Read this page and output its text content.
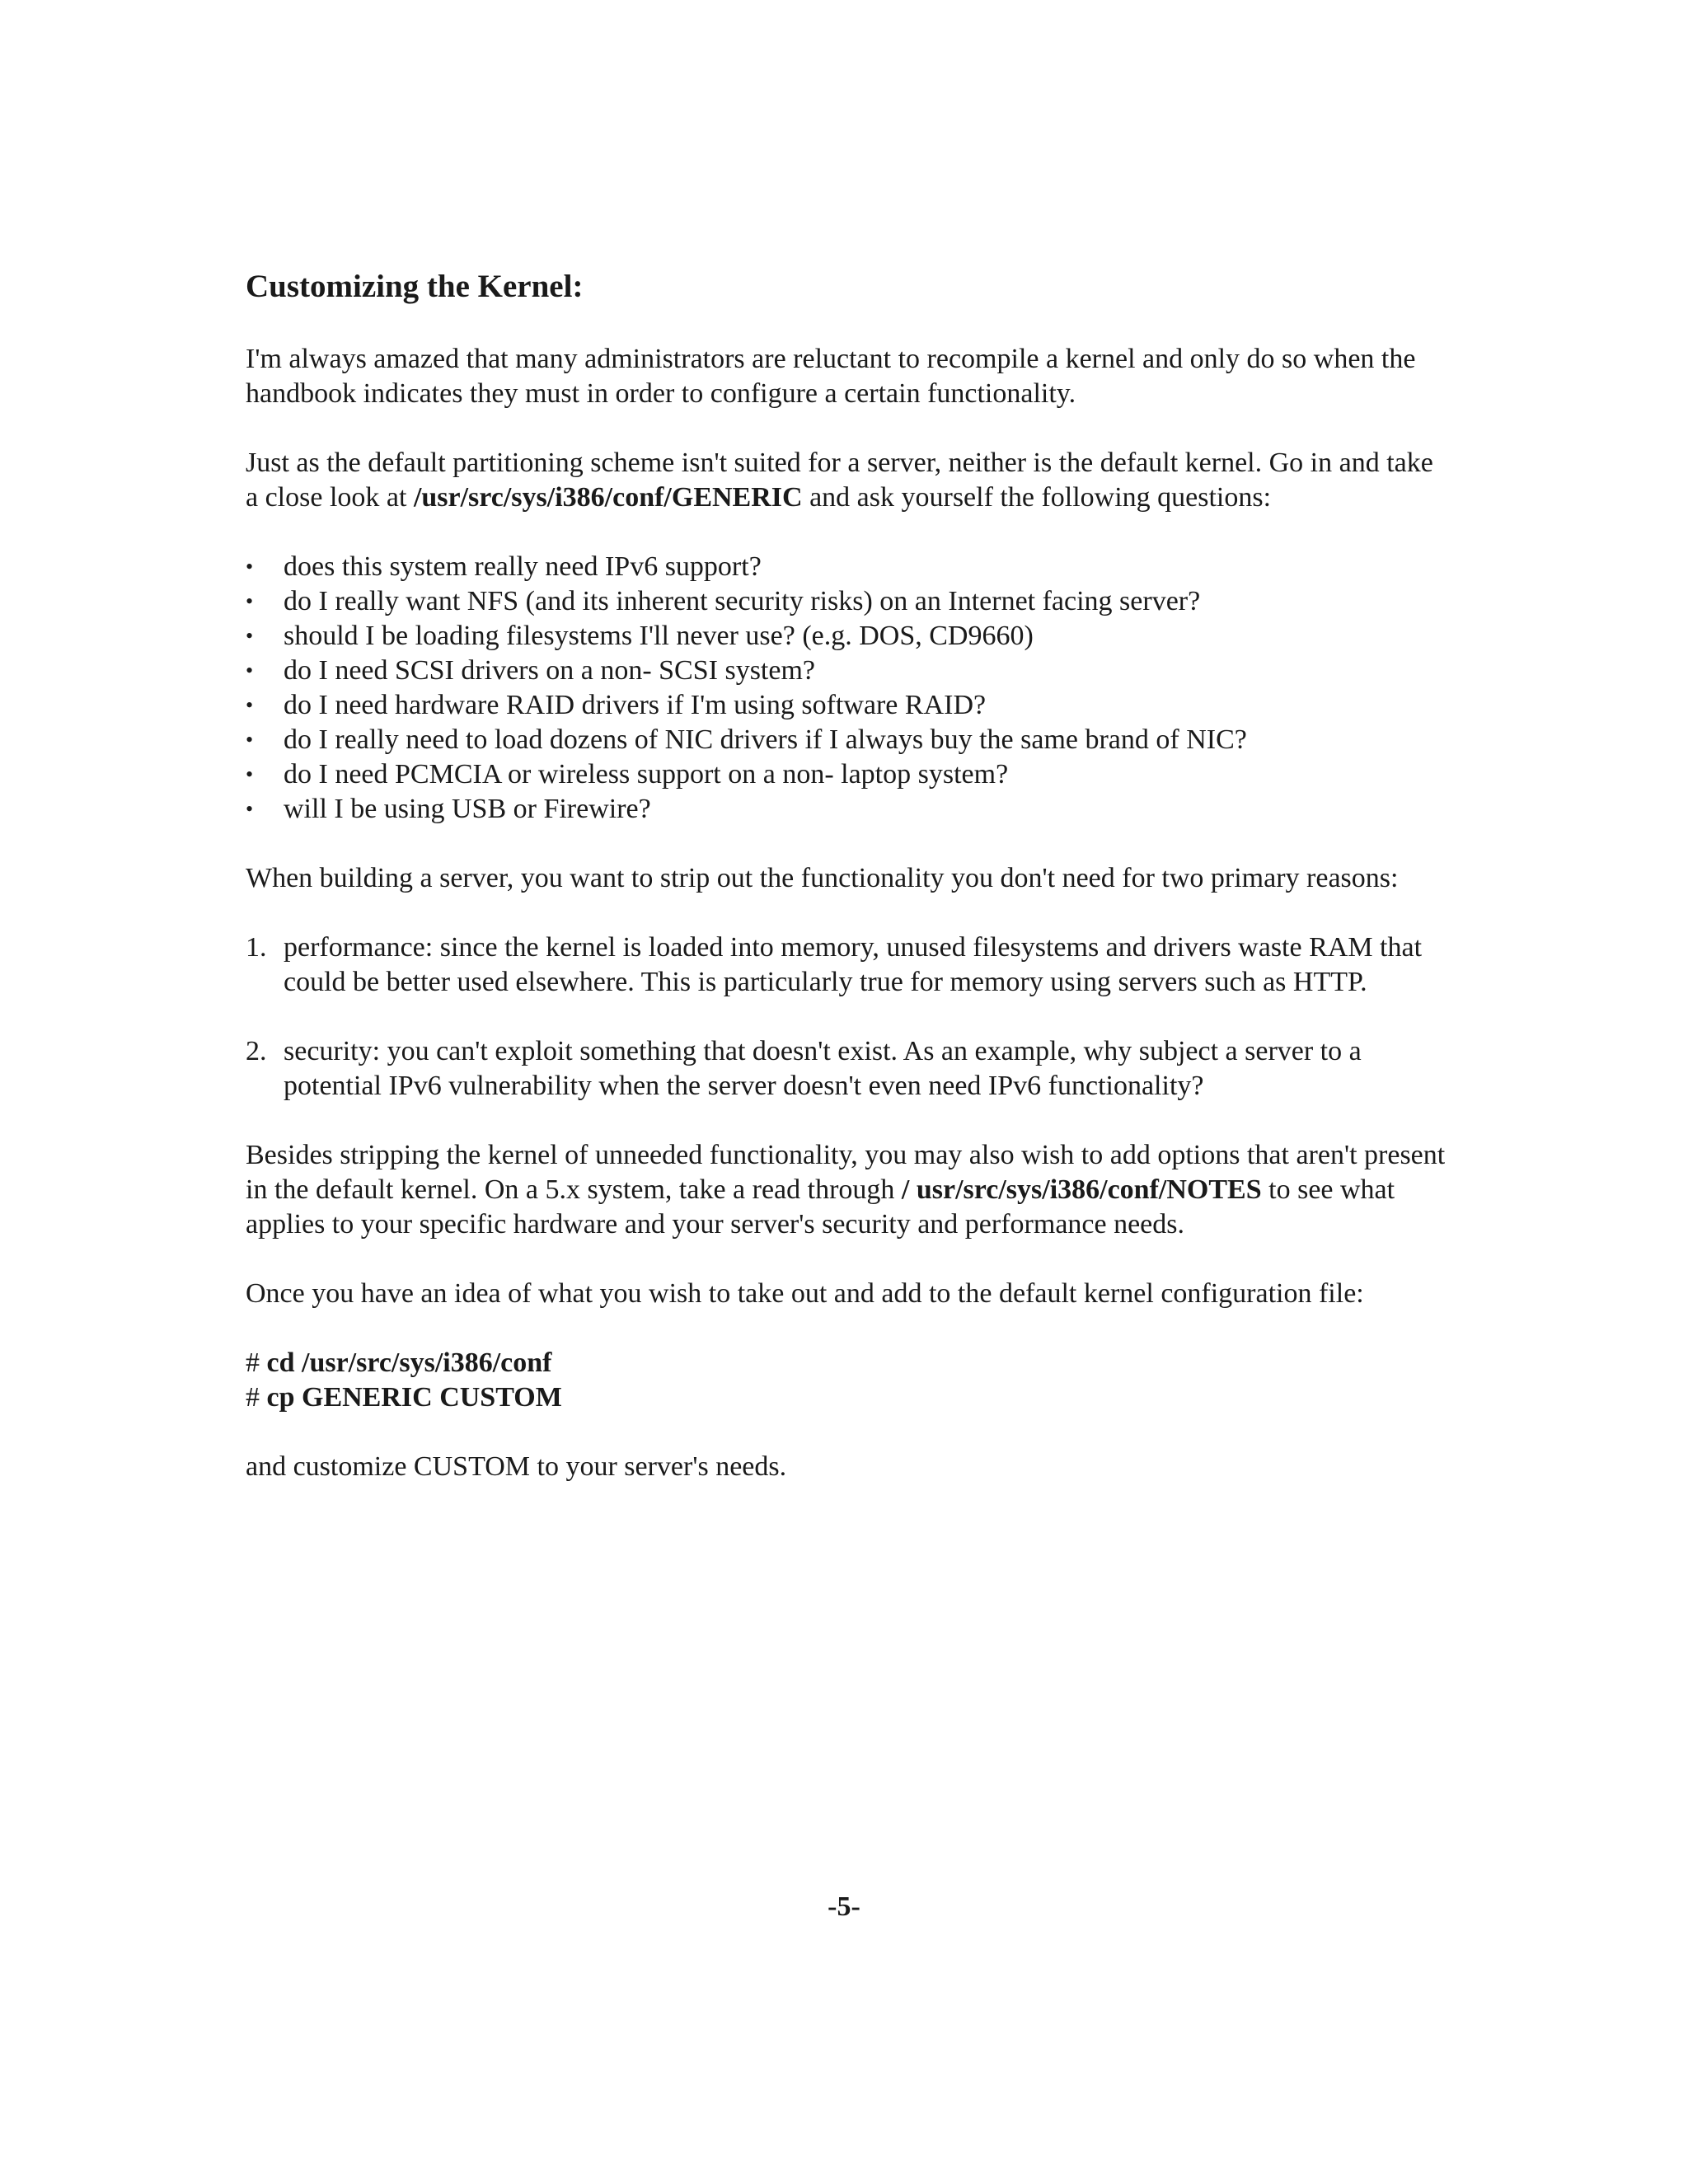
Customizing the Kernel:

I'm always amazed that many administrators are reluctant to recompile a kernel and only do so when the handbook indicates they must in order to configure a certain functionality.

Just as the default partitioning scheme isn't suited for a server, neither is the default kernel. Go in and take a close look at /usr/src/sys/i386/conf/GENERIC and ask yourself the following questions:

• does this system really need IPv6 support?
• do I really want NFS (and its inherent security risks) on an Internet facing server?
• should I be loading filesystems I'll never use? (e.g. DOS, CD9660)
• do I need SCSI drivers on a non- SCSI system?
• do I need hardware RAID drivers if I'm using software RAID?
• do I really need to load dozens of NIC drivers if I always buy the same brand of NIC?
• do I need PCMCIA or wireless support on a non- laptop system?
• will I be using USB or Firewire?

When building a server, you want to strip out the functionality you don't need for two primary reasons:

1. performance: since the kernel is loaded into memory, unused filesystems and drivers waste RAM that could be better used elsewhere. This is particularly true for memory using servers such as HTTP.
2. security: you can't exploit something that doesn't exist. As an example, why subject a server to a potential IPv6 vulnerability when the server doesn't even need IPv6 functionality?

Besides stripping the kernel of unneeded functionality, you may also wish to add options that aren't present in the default kernel. On a 5.x system, take a read through / usr/src/sys/i386/conf/NOTES to see what applies to your specific hardware and your server's security and performance needs.

Once you have an idea of what you wish to take out and add to the default kernel configuration file:

# cd /usr/src/sys/i386/conf

# cp GENERIC CUSTOM

and customize CUSTOM to your server's needs.

-5-
